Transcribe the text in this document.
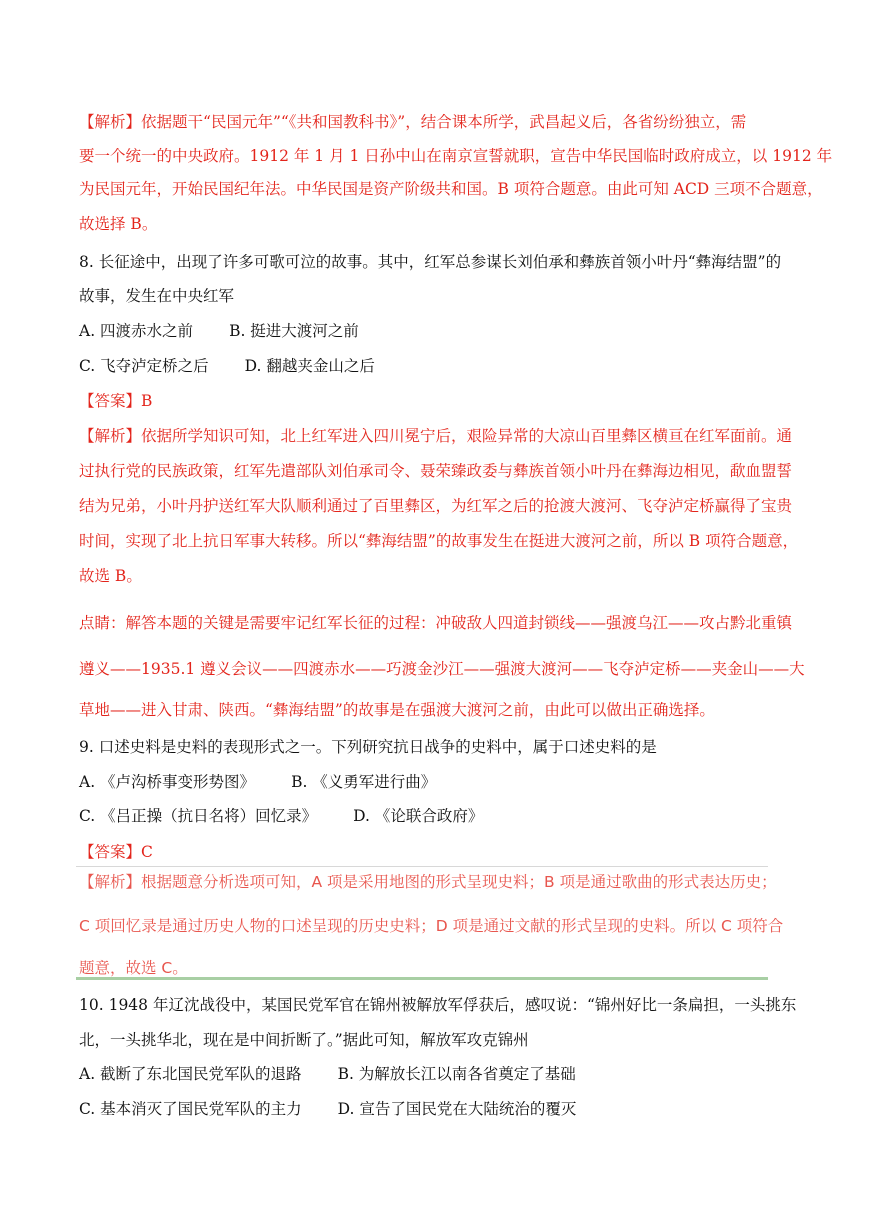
【解析】依据题干“民国元年”“《共和国教科书》”，结合课本所学，武昌起义后，各省纷纷独立，需
要一个统一的中央政府。1912 年 1 月 1 日孙中山在南京宣誓就职，宣告中华民国临时政府成立，以 1912 年
为民国元年，开始民国纪年法。中华民国是资产阶级共和国。B 项符合题意。由此可知 ACD 三项不合题意，
故选择 B。
8. 长征途中，出现了许多可歌可泣的故事。其中，红军总参谋长刘伯承和彝族首领小叶丹“彝海结盟”的
故事，发生在中央红军
A. 四渡赤水之前 B. 挺进大渡河之前
C. 飞夺泸定桥之后 D. 翻越夹金山之后
【答案】B
【解析】依据所学知识可知，北上红军进入四川冕宁后，艰险异常的大凉山百里彝区横亘在红军面前。通
过执行党的民族政策，红军先遣部队刘伯承司令、聂荣臻政委与彝族首领小叶丹在彝海边相见，歃血盟誓
结为兄弟，小叶丹护送红军大队顺利通过了百里彝区，为红军之后的抢渡大渡河、飞夺泸定桥赢得了宝贵
时间，实现了北上抗日军事大转移。所以“彝海结盟”的故事发生在挺进大渡河之前，所以 B 项符合题意，
故选 B。
点睛：解答本题的关键是需要牢记红军长征的过程：冲破敌人四道封锁线——强渡乌江——攻占黔北重镇
遵义——1935.1 遵义会议——四渡赤水——巧渡金沙江——强渡大渡河——飞夺泸定桥——夹金山——大
草地——进入甘肃、陕西。“彝海结盟”的故事是在强渡大渡河之前，由此可以做出正确选择。
9. 口述史料是史料的表现形式之一。下列研究抗日战争的史料中，属于口述史料的是
A. 《卢沟桥事变形势图》 B. 《义勇军进行曲》
C. 《吕正操（抗日名将）回忆录》 D. 《论联合政府》
【答案】C
【解析】根据题意分析选项可知，A 项是采用地图的形式呈现史料；B 项是通过歌曲的形式表达历史；
C 项回忆录是通过历史人物的口述呈现的历史史料；D 项是通过文献的形式呈现的史料。所以 C 项符合
题意，故选 C。
10. 1948 年辽沈战役中，某国民党军官在锦州被解放军俘获后，感叹说：“锦州好比一条扁担，一头挑东
北，一头挑华北，现在是中间折断了。”据此可知，解放军攻克锦州
A. 截断了东北国民党军队的退路 B. 为解放长江以南各省奠定了基础
C. 基本消灭了国民党军队的主力 D. 宣告了国民党在大陆统治的覆灭
